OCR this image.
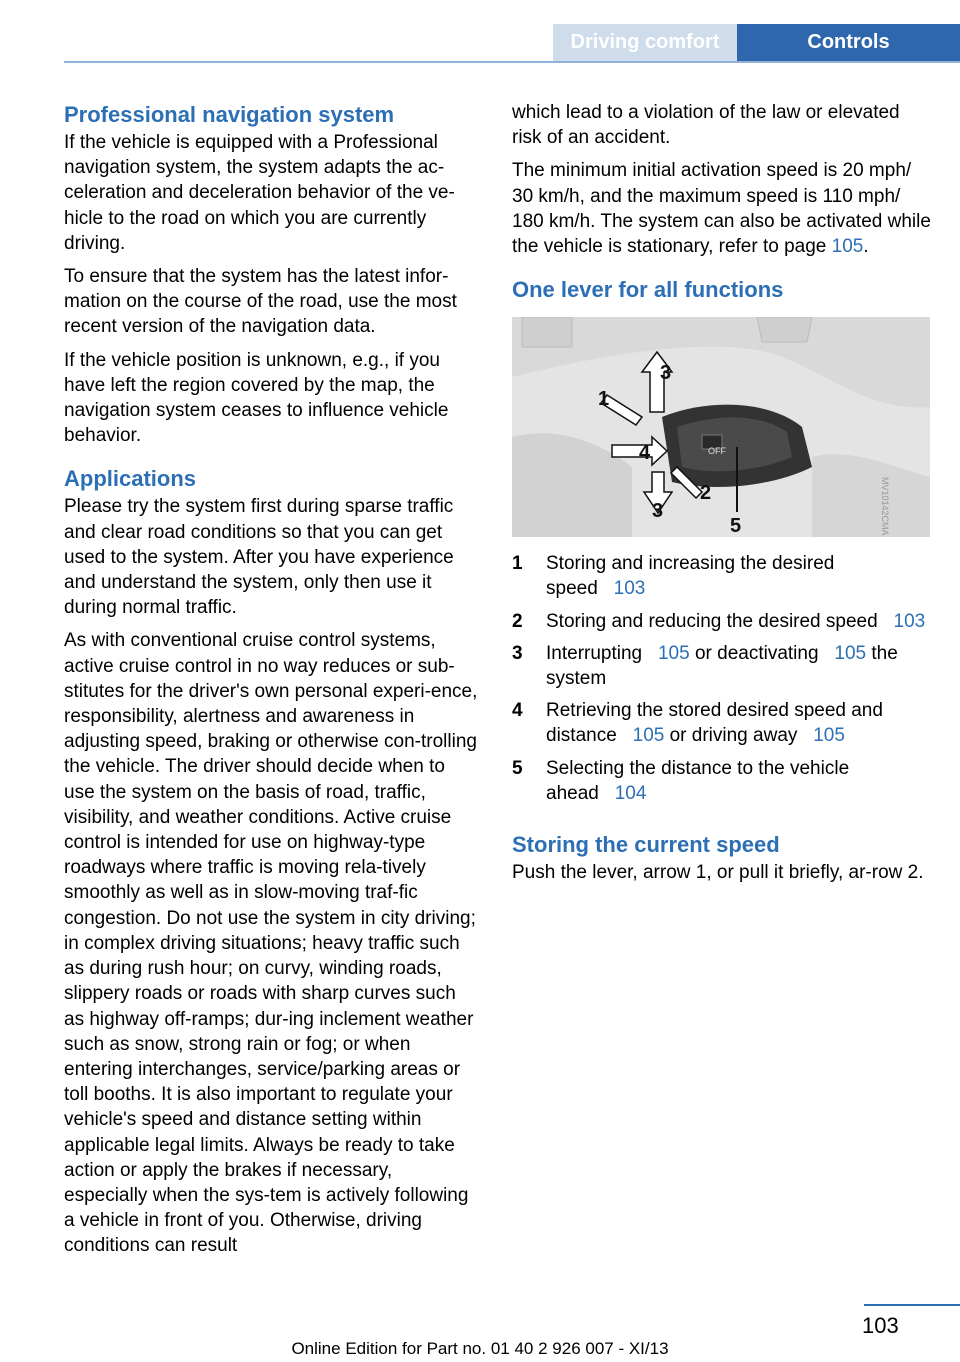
Driving comfort	Controls
Professional navigation system

If the vehicle is equipped with a Professional navigation system, the system adapts the ac‐celeration and deceleration behavior of the ve‐hicle to the road on which you are currently driving.

To ensure that the system has the latest infor‐mation on the course of the road, use the most recent version of the navigation data.

If the vehicle position is unknown, e.g., if you have left the region covered by the map, the navigation system ceases to influence vehicle behavior.

Applications

Please try the system first during sparse traffic and clear road conditions so that you can get used to the system. After you have experience and understand the system, only then use it during normal traffic.

As with conventional cruise control systems, active cruise control in no way reduces or sub‐stitutes for the driver's own personal experi‐ence, responsibility, alertness and awareness in adjusting speed, braking or otherwise con‐trolling the vehicle. The driver should decide when to use the system on the basis of road, traffic, visibility, and weather conditions. Active cruise control is intended for use on highway-type roadways where traffic is moving rela‐tively smoothly as well as in slow-moving traf‐fic congestion. Do not use the system in city driving; in complex driving situations; heavy traffic such as during rush hour; on curvy, winding roads, slippery roads or roads with sharp curves such as highway off-ramps; dur‐ing inclement weather such as snow, strong rain or fog; or when entering interchanges, service/parking areas or toll booths. It is also important to regulate your vehicle's speed and distance setting within applicable legal limits. Always be ready to take action or apply the brakes if necessary, especially when the sys‐tem is actively following a vehicle in front of you. Otherwise, driving conditions can result

which lead to a violation of the law or elevated risk of an accident.

The minimum initial activation speed is 20 mph/ 30 km/h, and the maximum speed is 110 mph/ 180 km/h. The system can also be activated while the vehicle is stationary, refer to page 105.

One lever for all functions
OFF
1
3
4
2
3
5	MV10142CMA
1	Storing and increasing the desired speed 103
2	Storing and reducing the desired speed 103
3	Interrupting 105 or deactivating 105 the system
4	Retrieving the stored desired speed and distance 105 or driving away 105
5	Selecting the distance to the vehicle ahead 104
Storing the current speed

Push the lever, arrow 1, or pull it briefly, ar‐row 2.

103
Online Edition for Part no. 01 40 2 926 007 - XI/13
